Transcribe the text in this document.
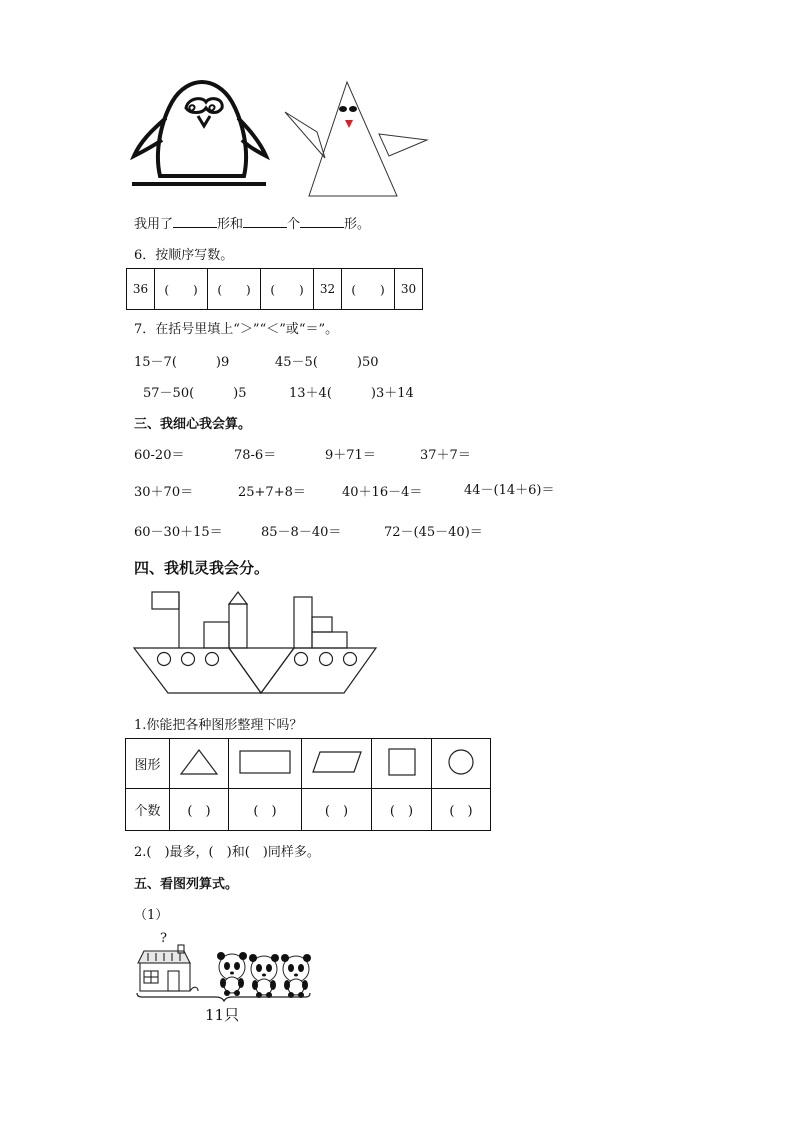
我用了	形和	个	形。
6．按顺序写数。
36	(　　)	(　　)	(　　)	32	(　　)	30
7．在括号里填上“＞”“＜”或“＝”。
15－7(　　　)9	45－5(　　　)50
57－50(　　　)5	13＋4(　　　)3＋14
三、我细心我会算。
60-20＝	78-6＝	9＋71＝	37＋7＝
30＋70＝	25+7+8＝	40＋16－4＝	44－(14＋6)＝
60－30＋15＝	85－8－40＝	72－(45－40)＝
四、我机灵我会分。
1.你能把各种图形整理下吗？
图形					
个数	(　)	(　)	(　)	(　)	(　)
2.(　)最多，(　)和(　)同样多。
五、看图列算式。
（1）
?
11只
